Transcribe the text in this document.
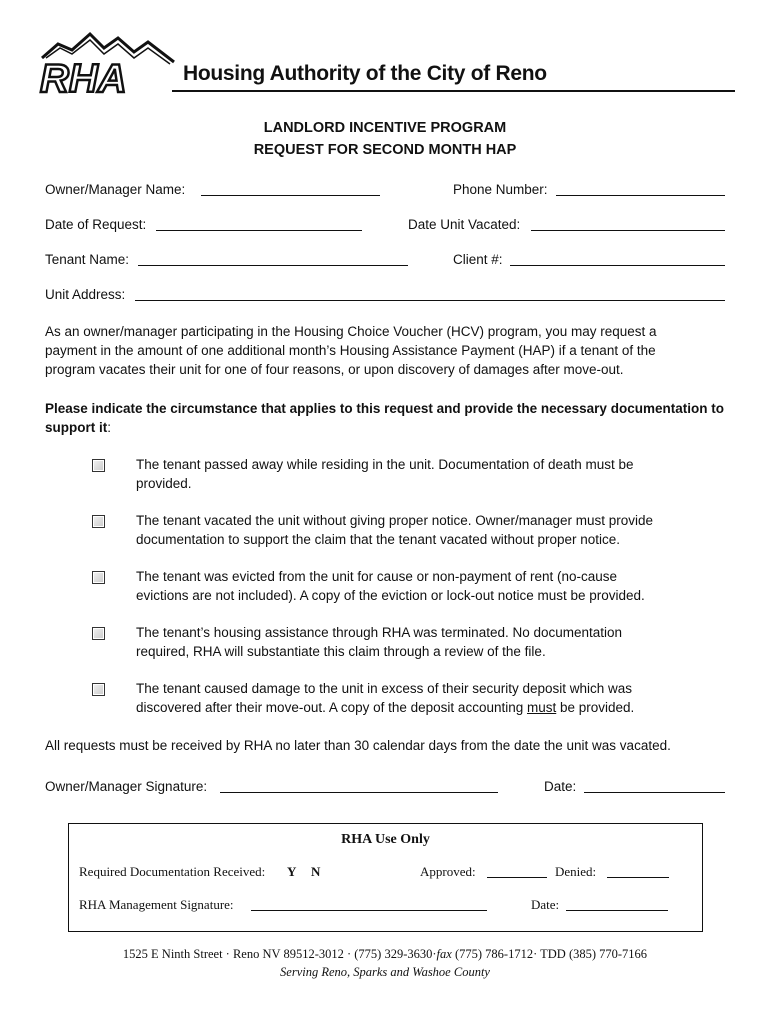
RHA	Housing Authority of the City of Reno
LANDLORD INCENTIVE PROGRAM
REQUEST FOR SECOND MONTH HAP
Owner/Manager Name:	Phone Number:
Date of Request:	Date Unit Vacated:
Tenant Name:	Client #:
Unit Address:
As an owner/manager participating in the Housing Choice Voucher (HCV) program, you may request a
payment in the amount of one additional month’s Housing Assistance Payment (HAP) if a tenant of the
program vacates their unit for one of four reasons, or upon discovery of damages after move-out.
Please indicate the circumstance that applies to this request and provide the necessary documentation to
support it:
The tenant passed away while residing in the unit. Documentation of death must be
provided.
The tenant vacated the unit without giving proper notice. Owner/manager must provide
documentation to support the claim that the tenant vacated without proper notice.
The tenant was evicted from the unit for cause or non-payment of rent (no-cause
evictions are not included). A copy of the eviction or lock-out notice must be provided.
The tenant’s housing assistance through RHA was terminated. No documentation
required, RHA will substantiate this claim through a review of the file.
The tenant caused damage to the unit in excess of their security deposit which was
discovered after their move-out. A copy of the deposit accounting must be provided.
All requests must be received by RHA no later than 30 calendar days from the date the unit was vacated.
Owner/Manager Signature:	Date:
RHA Use Only
Required Documentation Received: Y N	Approved:	Denied:
RHA Management Signature:	Date:
1525 E Ninth Street · Reno NV 89512-3012 · (775) 329-3630·fax (775) 786-1712· TDD (385) 770-7166
Serving Reno, Sparks and Washoe County
